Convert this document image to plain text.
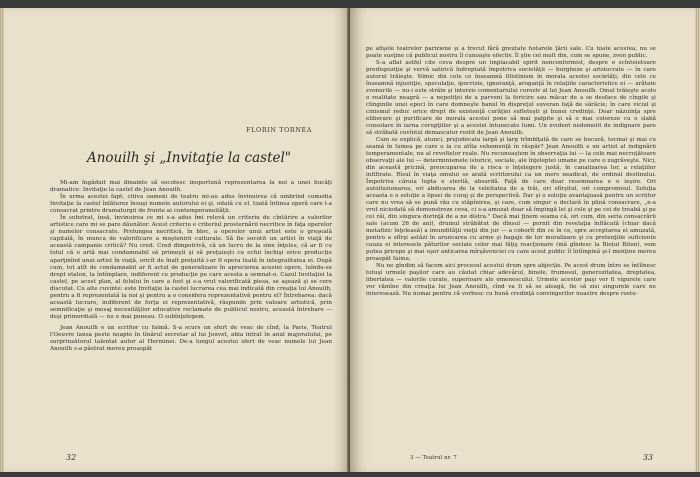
FLORIN TORNEA
Anouilh şi „Invitaţie la castel"

Mi-am îngăduit mai dinainte să socotesc inoportună reprezentarea la noi a unei bucăţi dramatice: Invitaţie la castel de Jean Anouilh.

În urma acestei fapt, citiva oameni de teatru mi-au adus învinuirea că umbrind comedia Invitaţie la castel înlăturez însuşi numele autorului ei şi, odată cu el, toată întinsa operă care l-a consacrat printre dramaturgii de frunte ai contemporaneităţii.

În substrat, însă, învinuirea ce mi s-a adus îmi relevă un criteriu de cîntărire a valorilor artistice care mi se pare dăunător. Acest criteriu e criteriul prosternării necritice în faţa operelor şi numelor consacrate. Prelungea necritică, în bloc, a operelor unui artist este o greşeală capitală, în munca de valorificare a moştenirii culturale. Să fie socotit un artist în viaţă de această campanie critică? Nu cred. Cred dimpotrivă, că un lucru de la sine înţeles, că ar fi cu totul că o artă mai condamnabil să primeşti şi să preţuieşti cu ochii închişi orice producţie aparţinînd unui artist în viaţă, oricît de înalt preţuită i-ar fi opera luată în integralitatea ei. După cum, tot atît de condamnabil ar fi actul de generalizare în aprecierea acestei opere, luîndu-se drept etalon, la întîmplare, indiferent ce producţie pe care acesta a semnat-o. Cazul Invitaţiei la castel, pe acest plan, al felului în care a fost şi s-a vrut valorificată piesa, se aşează şi se cere discutat. Cu alte cuvinte: este Invitaţie la castel lucrarea cea mai indicată din creaţia lui Anouilh, pentru a fi reprezentată la noi şi pentru a o considera reprezentativă pentru el? Întrebarea: dacă această lucrare, indiferent de forţa ei reprezentativă, răspunde prin valoare artistică, prin semnificaţie şi mesaj necesităţilor educative reclamate de publicul nostru, această întrebare — deşi primordială — nu e mai puneau. O subînţelegem.

Jean Anouilh e un scriitor cu faimă. S-a scurs un sfert de veac de cînd, la Paris, Teatrul l'Oeuvre lansa peste noapte în tînărul secretar al lui Jouvet, abia intrat în anul majoratului, pe surprinzătorul talentat autor al Herminei. De-a lungul acestui sfert de veac numele lui Jean Anouilh s-a păstrat mereu proaspăt

32

pe afişele teatrelor pariziene şi a trecut fără greutate hotarele ţării sale. Cu toate acestea, nu se poate susţine că publicul nostru îl cunoaşte efectiv. Îl ştie cel mult din, cum se spune, zvon public.

S-a aflat astfel cite ceva despre un implacabil spirit nonconformist, despre o scînteietoare predispoziţie şi vervă satirică îndreptată împotriva societăţii — burgheze şi aristocrate — în care autorul trăieşte. Nimic din cele ce înseamnă filistinism în morala acestei societăţi, din cele ce înseamnă injustiţie, speculaţie, ipocrizie, ignoranţă, aroganţă în relaţiile caracteristice ei — arătate zvonurile — nu-i este străin şi interzis comentariului coroziv al lui Jean Anouilh. Omul trăieşte acolo o realitate neagră — a nepotiţei de a parveni la fericire sau măcar de a se desface de cîngile şi clinginile unei epoci în care domneşte banul în dispreţul suveran faţă de sărăcie; în care viciul şi cinismul reduc orice drept de existenţă curăţiei sufleteşti şi bunei credinţe. Doar năzuinţa spre eliberare şi purificare de morala acestei pone să mai palpite şi să o mai coloreze cu o slabă consolare în iarna corupţiilor şi a acestei întunecate lumi. Un evident nedomolit de indignare pare să străbată cuvîntul demascator rostit de Jean Anouilh.

Cum se explică, atunci, prejudecata largă şi larg trîmbiţată de care se bucură, tocmai şi mai cu seamă în lumea pe care o ia cu atîta vehemenţă în răspăr? Jean Anouilh e un artist al indignării temperamentale, nu al revoltelor reale. Nu recunoaştem în observaţia lui — la cele mai necruţătoare observaţii ale lui — determinismele istorice, sociale, ale înţeleptei umane pe care o zugrăveşte. Nici, din această pricină, preocuparea de a risca o înţelegere justă, în canalizarea lor, a relaţiilor infiltrate. Rîsul în viaţa omului se arată scriitorului ca un mers neadicat, de ordinul destinului. Împotriva căruia lupta e sterilă, absurdă. Faţă de care doar resemnarea e o ieşire. Ori autoiluzionarea, ori abdicarea de la veleitatea de a trăi, ori sfîrşitul, ori compromisul. Soluţia aceasta e o soluţie a lipsei de curaj şi de perspectivă. Dar şi o soluţie avantajoasă pentru un scriitor care nu vrea să se pună rău cu stăpînirea, şi care, cum singur o declară în plină consacrare, „n-a vrut niciodată să demonstreze ceva, ci s-a amuzat doar să împingă lei şi cele şi pe cei de treabă şi pe cei răi, din singura dorinţă de a ne distra." Dacă mai ţinem seama că, ori cum, din seria consacrării sale (acum 26 de ani), drumul străbătut de dînsul — pornit din revelaţia înflăcată (chiar dacă metafizic înţeleasă) a imundităţii vieţii din jur — a coborît din ce în ce, spre acceptarea ei amuzată, pentru a sfîrşi astăzi în aruncarea cu arme şi bagaje de lor moralizare şi cu pretenţiile suficiente cauza ei interesele păturilor sociale celor mai făţiş reacţionare (mă gîndesc la Biețul Biton), vom putea pricepe şi mai uşor anticarea mîrşăvenciei cu care acest public îl întîmpină şi-l menţine mereu proaspăt faima.

Nu ne gîndim să facem aici procesul acestui drum spre abjecţie. Pe acest drum între se întîlnesc totuşi urmele paşilor care au căutat chiar adevărul, binele, frumosul, generozitatea, dreptatea, libertatea — valorile curate, superioare ale omenescului. Urmele acestor paşi vor fi vigurele care vor rămîne din creaţia lui Jean Anouilh, cînd va fi să se aleagă, fie să zisi singurele care ne interesează. Nu numai pentru că vorbesc cu bună credinţă convingerilor noastre despre rostu-

3 — Teatrul nr. 7	33
